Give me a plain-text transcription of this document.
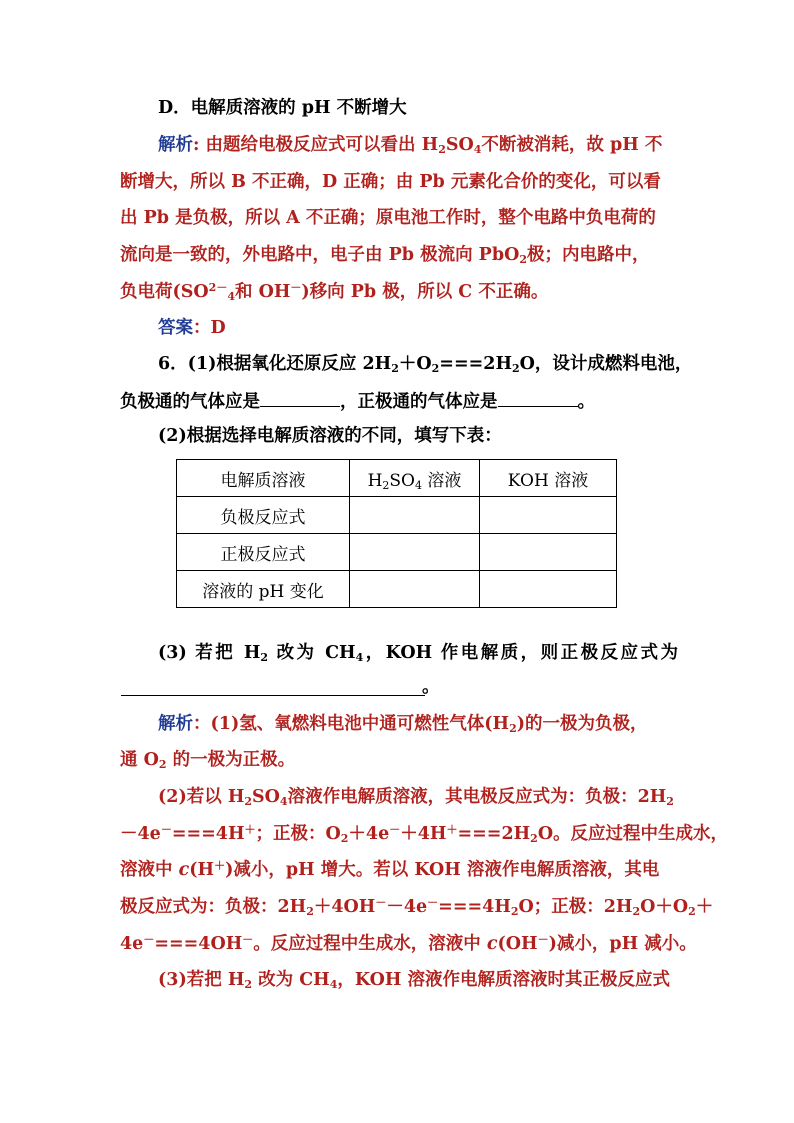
D．电解质溶液的 pH 不断增大
解析: 由题给电极反应式可以看出 $H_2SO_4$不断被消耗，故 pH 不
断增大，所以 B 不正确，D 正确；由 Pb 元素化合价的变化，可以看
出 Pb 是负极，所以 A 不正确；原电池工作时，整个电路中负电荷的
流向是一致的，外电路中，电子由 Pb 极流向 PbO$_2$极；内电路中，
负电荷($SO^{2-}_4$和 OH－)移向 Pb 极，所以 C 不正确。
答案：D
6．(1)根据氧化还原反应 $2H_2+O_2===2H_2O$，设计成燃料电池，
负极通的气体应是	，正极通的气体应是	。
(2)根据选择电解质溶液的不同，填写下表：
电解质溶液	$H_2SO_4$ 溶液	KOH 溶液
负极反应式		
正极反应式		
溶液的 pH 变化		
(3) 若把 $H_2$ 改为 $CH_4$，KOH 作电解质，则正极反应式为
。
解析：(1)氢、氧燃料电池中通可燃性气体$(H_2)$的一极为负极，
通 $O_2$ 的一极为正极。
(2)若以 $H_2SO_4$溶液作电解质溶液，其电极反应式为：负极：$2H_2$
－4e－===4H＋；正极：$O_2+4e^-+4H^+===2H_2O$。反应过程中生成水，
溶液中 c(H＋)减小，pH 增大。若以 KOH 溶液作电解质溶液，其电
极反应式为：负极：$2H_2+4OH^--4e^-===4H_2O$；正极：$2H_2O+O_2+$
4e－===4OH－。反应过程中生成水，溶液中 c(OH－)减小，pH 减小。
(3)若把 $H_2$ 改为 $CH_4$，KOH 溶液作电解质溶液时其正极反应式
